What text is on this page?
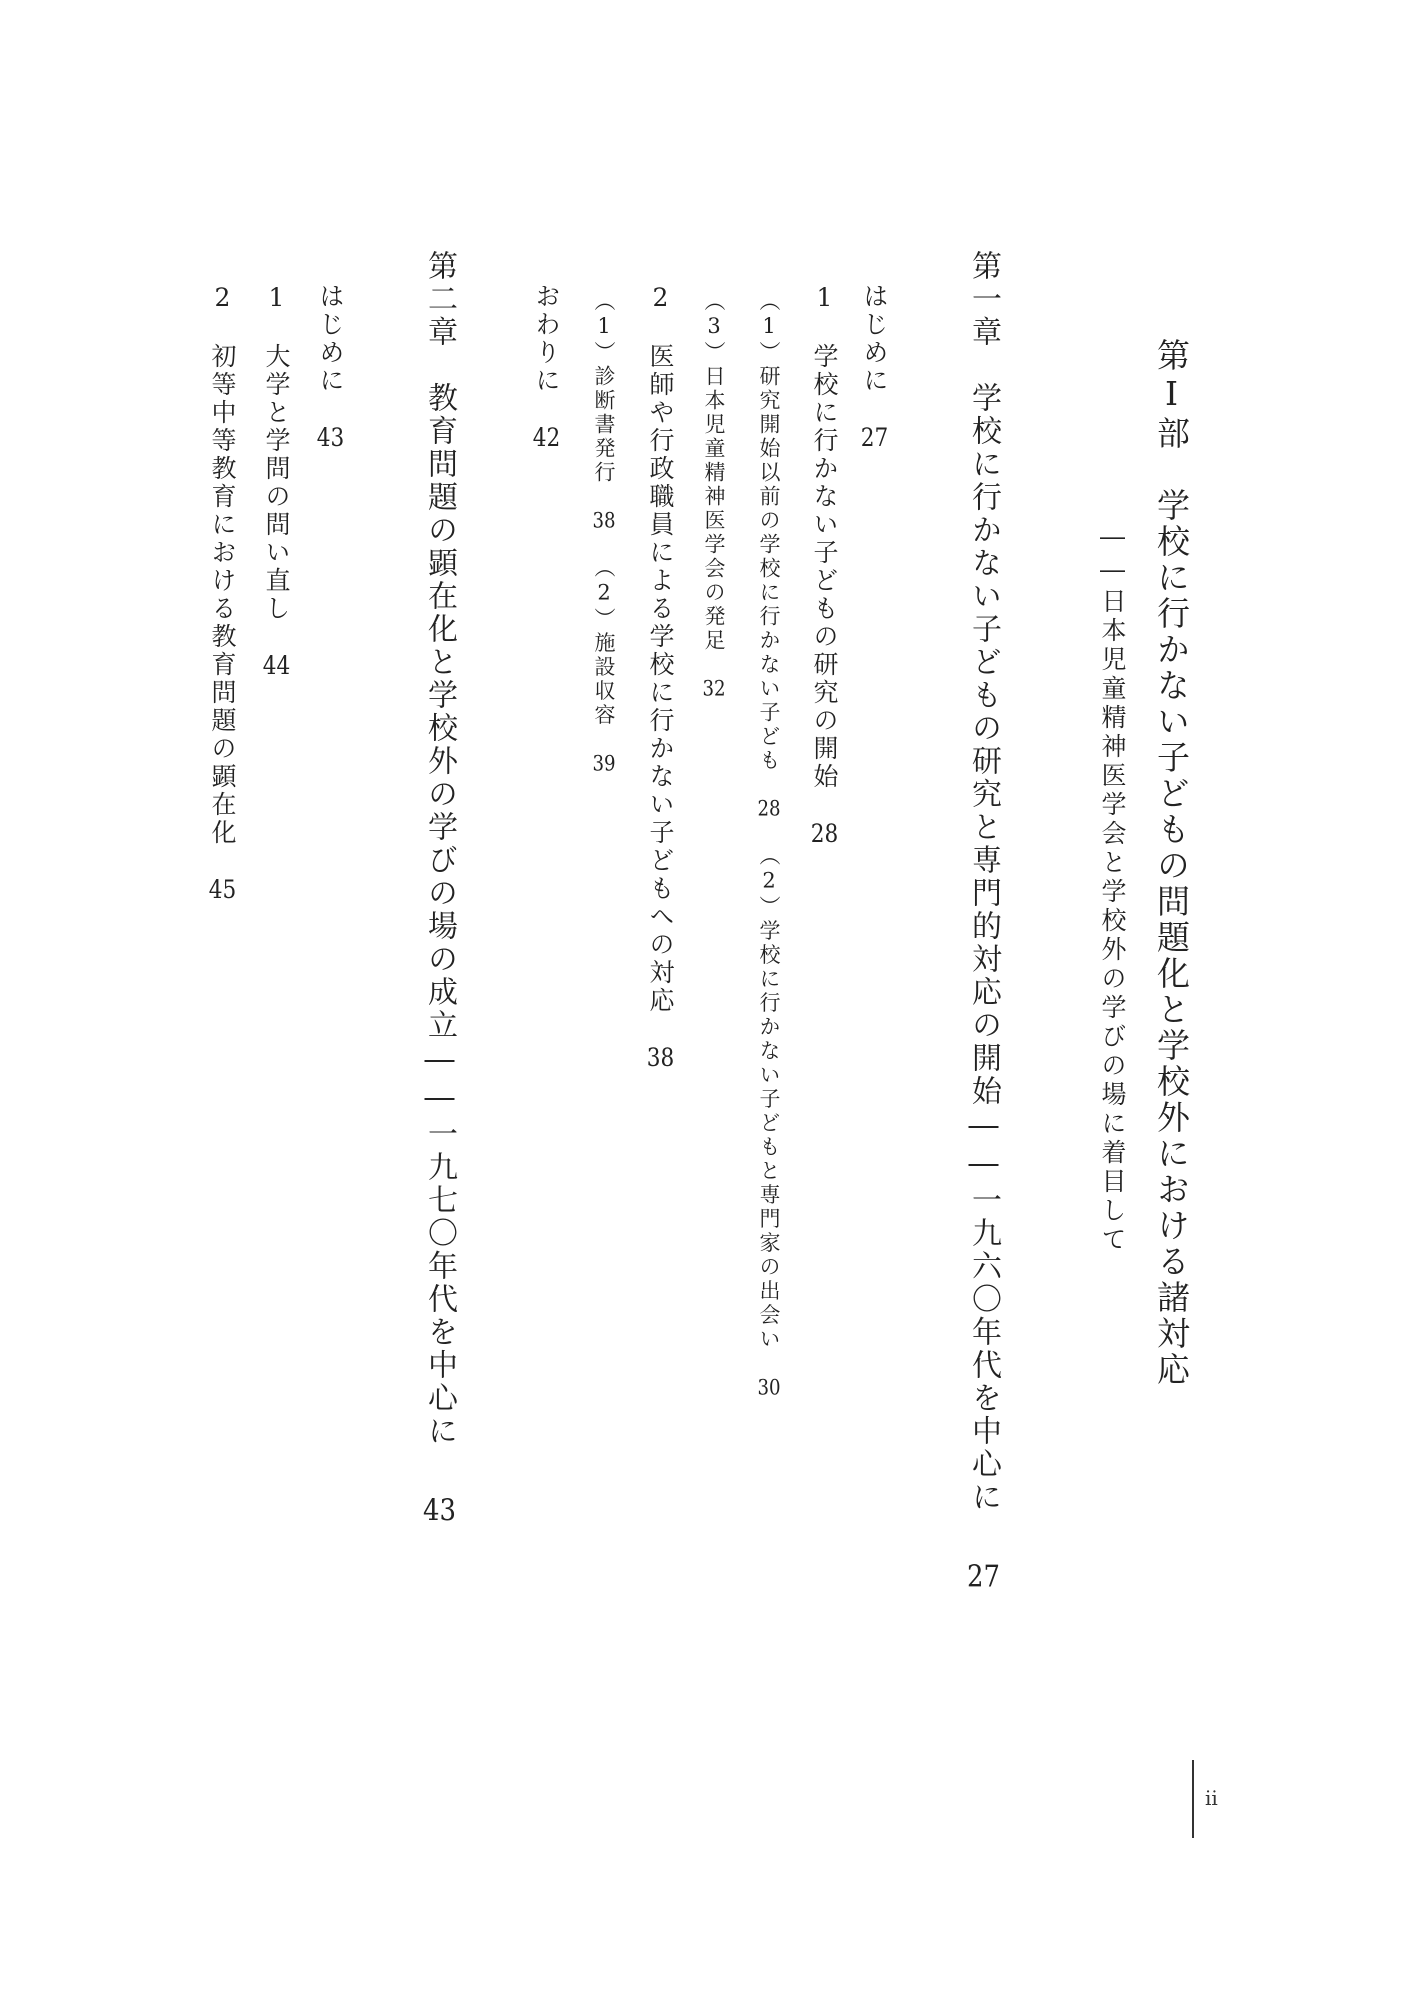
第Ⅰ部　学校に行かない子どもの問題化と学校外における諸対応
――日本児童精神医学会と学校外の学びの場に着目して
第一章　学校に行かない子どもの研究と専門的対応の開始――一九六〇年代を中心に27
はじめに27
1　学校に行かない子どもの研究の開始28
（1）研究開始以前の学校に行かない子ども28（2）学校に行かない子どもと専門家の出会い30
（3）日本児童精神医学会の発足32
2　医師や行政職員による学校に行かない子どもへの対応38
（1）診断書発行38（2）施設収容39
おわりに42
第二章　教育問題の顕在化と学校外の学びの場の成立――一九七〇年代を中心に43
はじめに43
1　大学と学問の問い直し44
2　初等中等教育における教育問題の顕在化45
ii
